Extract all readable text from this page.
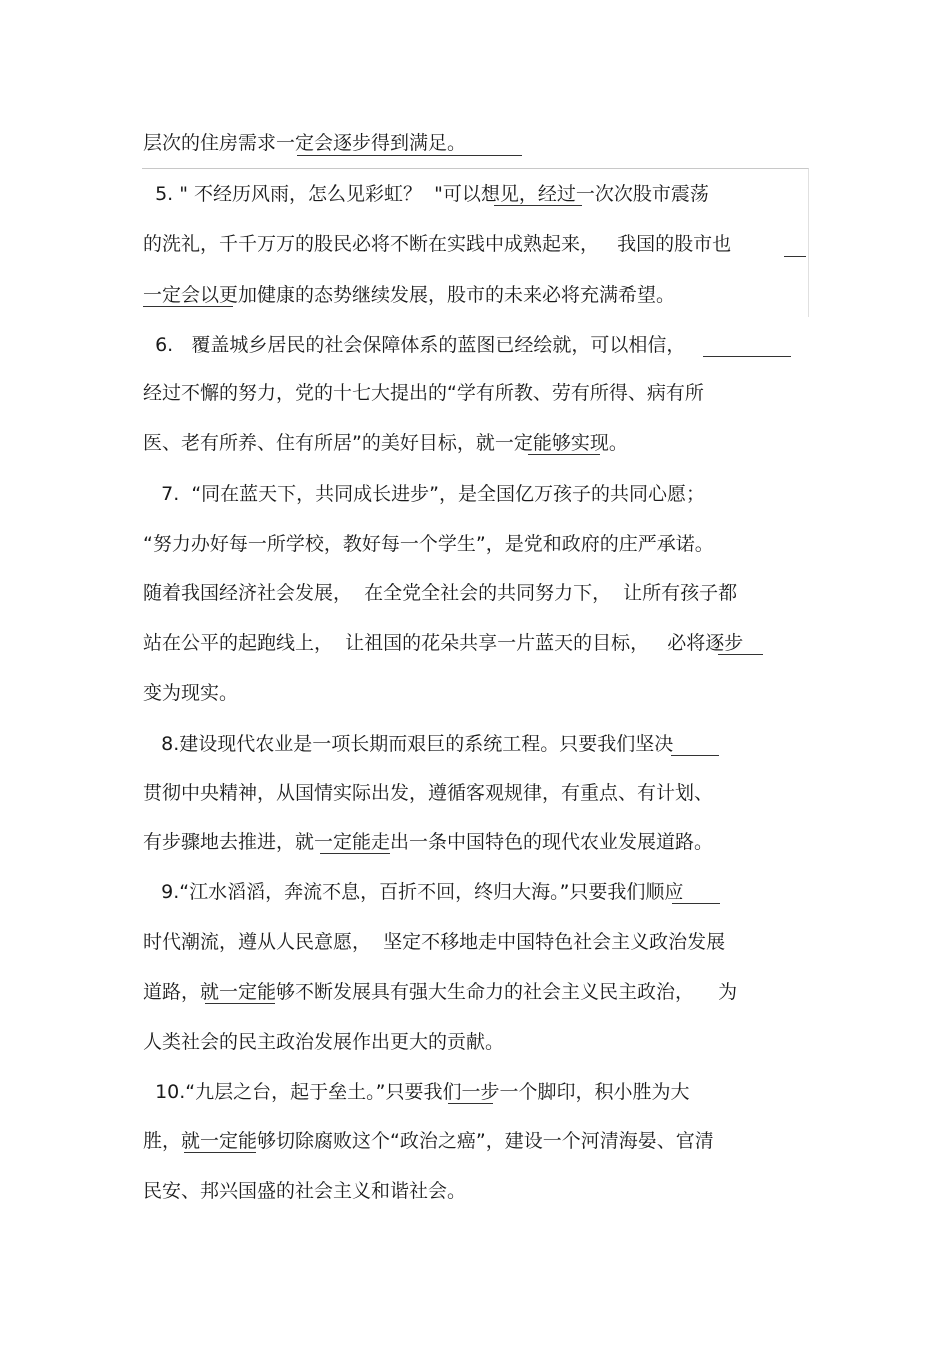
层次的住房需求一定会逐步得到满足。
5. " 不经历风雨，怎么见彩虹？  "可以想见，经过一次次股市震荡
的洗礼，千千万万的股民必将不断在实践中成熟起来，   我国的股市也
一定会以更加健康的态势继续发展，股市的未来必将充满希望。
6.   覆盖城乡居民的社会保障体系的蓝图已经绘就，可以相信，
经过不懈的努力，党的十七大提出的“学有所教、劳有所得、病有所
医、老有所养、住有所居”的美好目标，就一定能够实现。
7.  “同在蓝天下，共同成长进步”，是全国亿万孩子的共同心愿；
“努力办好每一所学校，教好每一个学生”，是党和政府的庄严承诺。
随着我国经济社会发展，  在全党全社会的共同努力下，  让所有孩子都
站在公平的起跑线上，  让祖国的花朵共享一片蓝天的目标，   必将逐步
变为现实。
8.建设现代农业是一项长期而艰巨的系统工程。只要我们坚决
贯彻中央精神，从国情实际出发，遵循客观规律，有重点、有计划、
有步骤地去推进，就一定能走出一条中国特色的现代农业发展道路。
9.“江水滔滔，奔流不息，百折不回，终归大海。”只要我们顺应
时代潮流，遵从人民意愿，  坚定不移地走中国特色社会主义政治发展
道路，就一定能够不断发展具有强大生命力的社会主义民主政治，    为
人类社会的民主政治发展作出更大的贡献。
10.“九层之台，起于垒土。”只要我们一步一个脚印，积小胜为大
胜，就一定能够切除腐败这个“政治之癌”，建设一个河清海晏、官清
民安、邦兴国盛的社会主义和谐社会。
